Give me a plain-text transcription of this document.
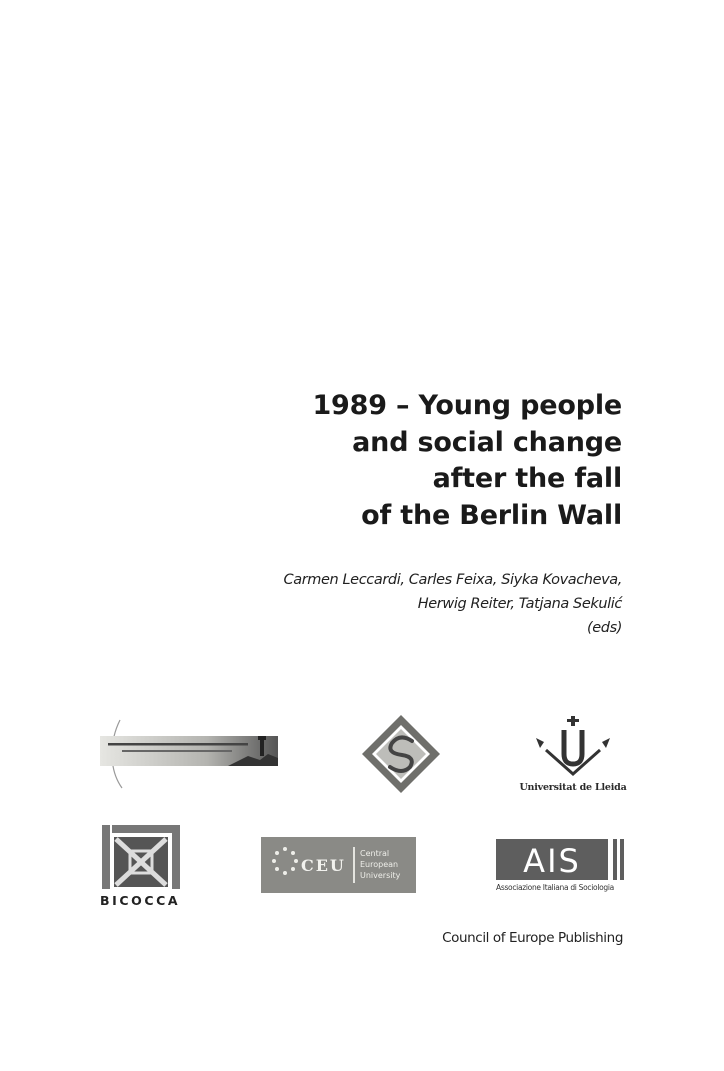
1989 – Young people
and social change
after the fall
of the Berlin Wall
Carmen Leccardi, Carles Feixa, Siyka Kovacheva,
Herwig Reiter, Tatjana Sekulić
(eds)
Universitat de Lleida
BICOCCA
CEU
Central
European
University	AIS
Associazione Italiana di Sociologia
Council of Europe Publishing
